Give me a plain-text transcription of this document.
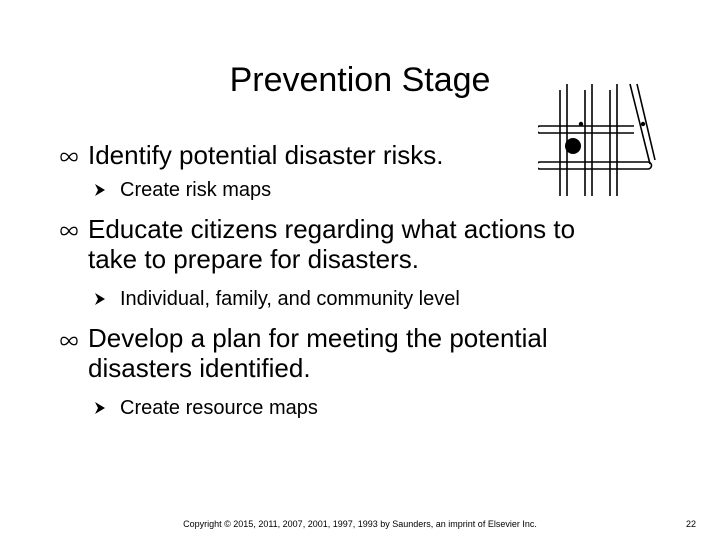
Prevention Stage
Identify potential disaster risks.
Create risk maps
Educate citizens regarding what actions to
take to prepare for disasters.
Individual, family, and community level
Develop a plan for meeting the potential
disasters identified.
Create resource maps
Copyright © 2015, 2011, 2007, 2001, 1997, 1993 by Saunders, an imprint of Elsevier Inc.	22
